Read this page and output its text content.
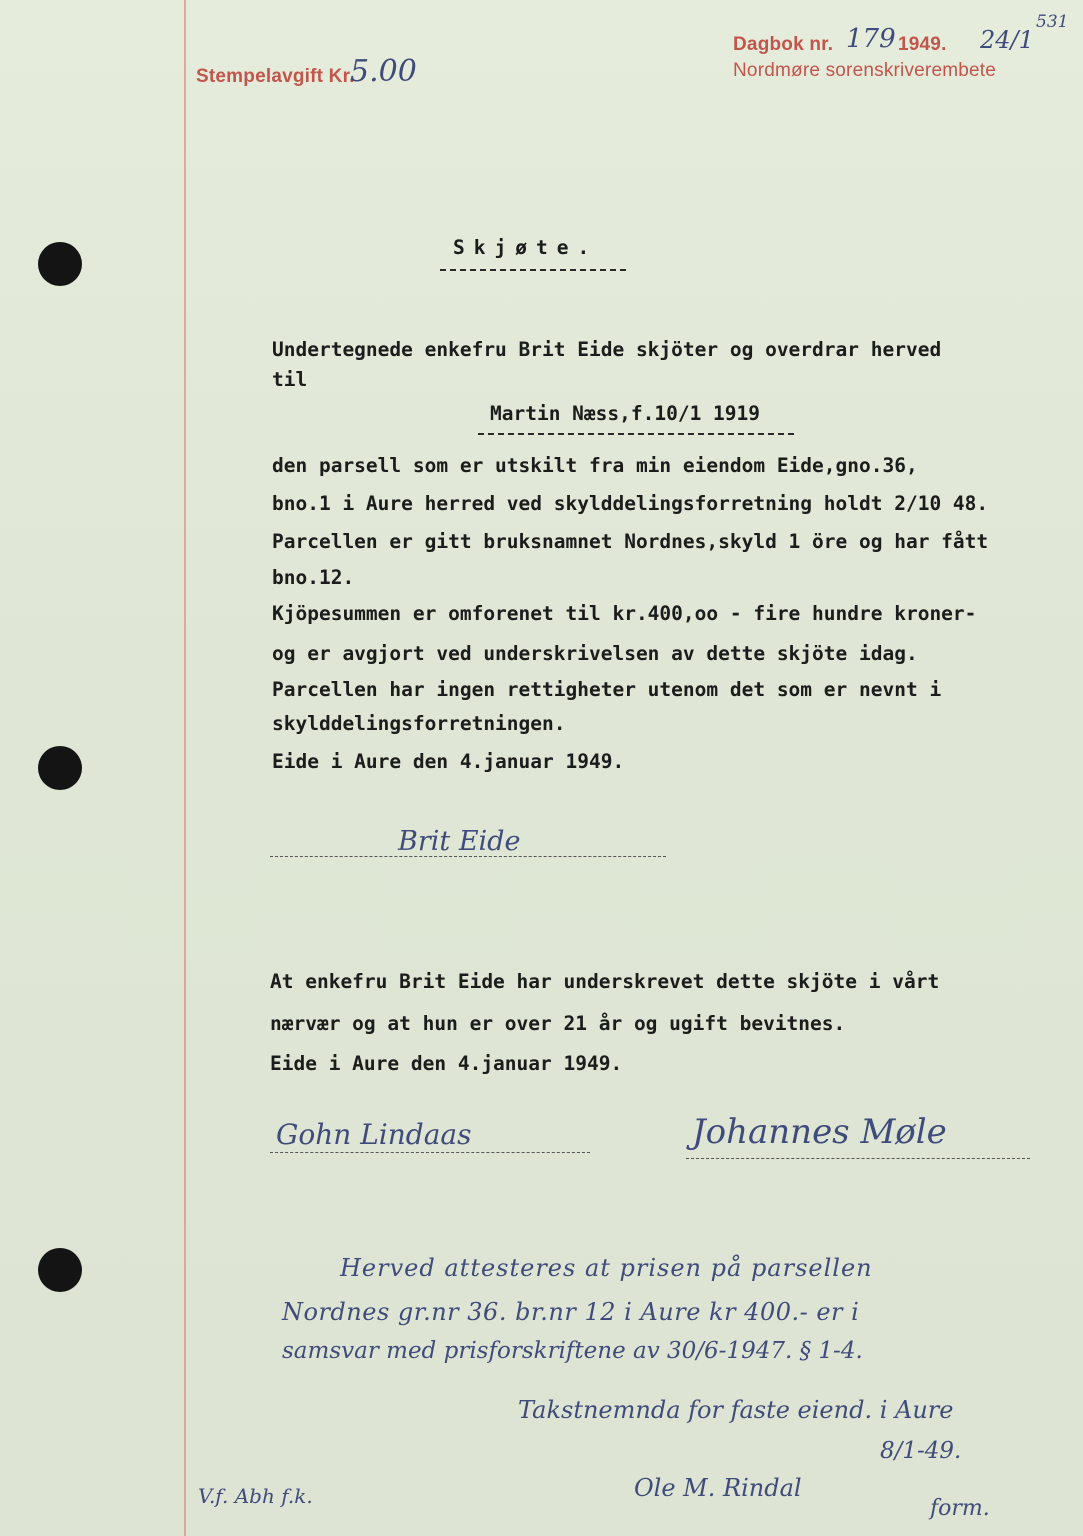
Stempelavgift Kr.
5.00
Dagbok nr. 179 1949. 24/1
531
Nordmøre sorenskriverembete
Skjøte.
Undertegnede enkefru Brit Eide skjöter og overdrar herved
til
Martin Næss,f.10/1 1919
den parsell som er utskilt fra min eiendom Eide,gno.36,
bno.1 i Aure herred ved skylddelingsforretning holdt 2/10 48.
Parcellen er gitt bruksnamnet Nordnes,skyld 1 öre og har fått
bno.12.
Kjöpesummen er omforenet til kr.400,oo - fire hundre kroner-
og er avgjort ved underskrivelsen av dette skjöte idag.
Parcellen har ingen rettigheter utenom det som er nevnt i
skylddelingsforretningen.
Eide i Aure den 4.januar 1949.
Brit Eide
At enkefru Brit Eide har underskrevet dette skjöte i vårt
nærvær og at hun er over 21 år og ugift bevitnes.
Eide i Aure den 4.januar 1949.
Gohn Lindaas	Johannes Møle
Herved attesteres at prisen på parsellen
Nordnes gr.nr 36. br.nr 12 i Aure kr 400.- er i
samsvar med prisforskriftene av 30/6-1947. § 1-4.
Takstnemnda for faste eiend. i Aure
8/1-49.
V.f. Abh f.k.	Ole M. Rindal
form.
